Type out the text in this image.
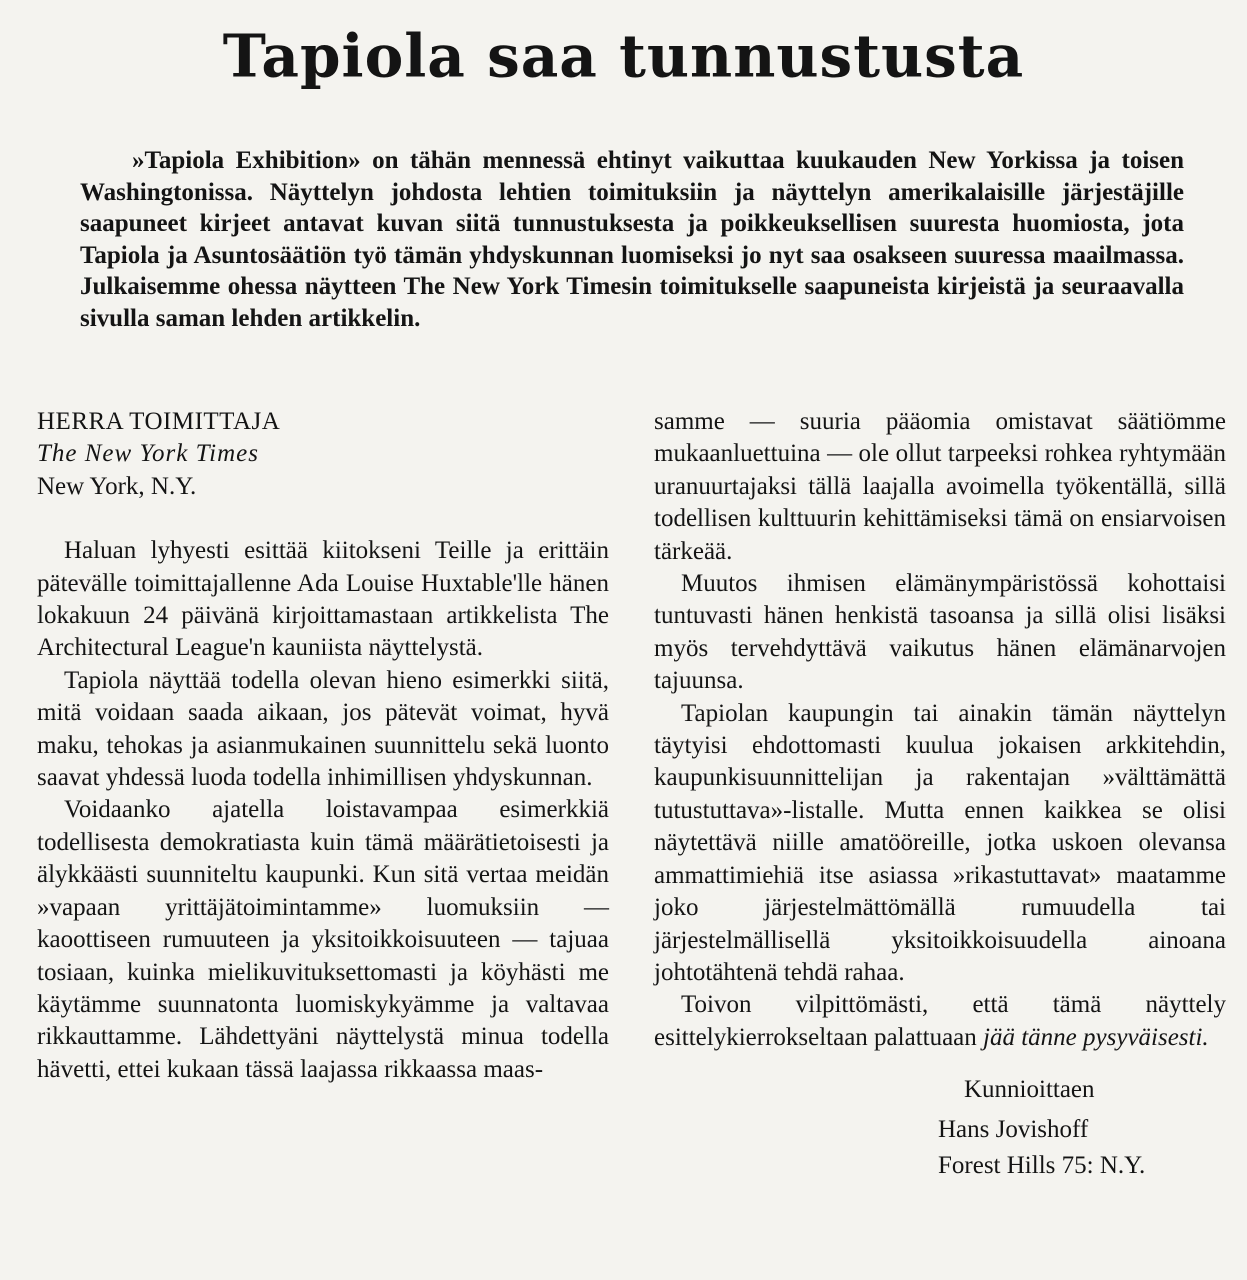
Tapiola saa tunnustusta

»Tapiola Exhibition» on tähän mennessä ehtinyt vaikuttaa kuukauden New Yorkissa ja toisen Washingtonissa. Näyttelyn johdosta lehtien toimituksiin ja näyttelyn amerikalaisille järjestäjille saapuneet kirjeet antavat kuvan siitä tunnustuksesta ja poikkeuksellisen suuresta huomiosta, jota Tapiola ja Asuntosäätiön työ tämän yhdyskunnan luomiseksi jo nyt saa osakseen suuressa maailmassa. Julkaisemme ohessa näytteen The New York Timesin toimitukselle saapuneista kirjeistä ja seuraavalla sivulla saman lehden artikkelin.

HERRA TOIMITTAJA
The New York Times
New York, N.Y.

Haluan lyhyesti esittää kiitokseni Teille ja erittäin pätevälle toimittajallenne Ada Louise Huxtable'lle hänen lokakuun 24 päivänä kirjoittamastaan artikkelista The Architectural League'n kauniista näyttelystä.

Tapiola näyttää todella olevan hieno esimerkki siitä, mitä voidaan saada aikaan, jos pätevät voimat, hyvä maku, tehokas ja asianmukainen suunnittelu sekä luonto saavat yhdessä luoda todella inhimillisen yhdyskunnan.

Voidaanko ajatella loistavampaa esimerkkiä todellisesta demokratiasta kuin tämä määrätietoisesti ja älykkäästi suunniteltu kaupunki. Kun sitä vertaa meidän »vapaan yrittäjätoimintamme» luomuksiin — kaoottiseen rumuuteen ja yksitoikkoisuuteen — tajuaa tosiaan, kuinka mielikuvituksettomasti ja köyhästi me käytämme suunnatonta luomiskykyämme ja valtavaa rikkauttamme. Lähdettyäni näyttelystä minua todella hävetti, ettei kukaan tässä laajassa rikkaassa maas-

samme — suuria pääomia omistavat säätiömme mukaanluettuina — ole ollut tarpeeksi rohkea ryhtymään uranuurtajaksi tällä laajalla avoimella työkentällä, sillä todellisen kulttuurin kehittämiseksi tämä on ensiarvoisen tärkeää.

Muutos ihmisen elämänympäristössä kohottaisi tuntuvasti hänen henkistä tasoansa ja sillä olisi lisäksi myös tervehdyttävä vaikutus hänen elämänarvojen tajuunsa.

Tapiolan kaupungin tai ainakin tämän näyttelyn täytyisi ehdottomasti kuulua jokaisen arkkitehdin, kaupunkisuunnittelijan ja rakentajan »välttämättä tutustuttava»-listalle. Mutta ennen kaikkea se olisi näytettävä niille amatööreille, jotka uskoen olevansa ammattimiehiä itse asiassa »rikastuttavat» maatamme joko järjestelmättömällä rumuudella tai järjestelmällisellä yksitoikkoisuudella ainoana johtotähtenä tehdä rahaa.

Toivon vilpittömästi, että tämä näyttely esittelykierrokseltaan palattuaan jää tänne pysyväisesti.

Kunnioittaen
Hans Jovishoff
Forest Hills 75: N.Y.
